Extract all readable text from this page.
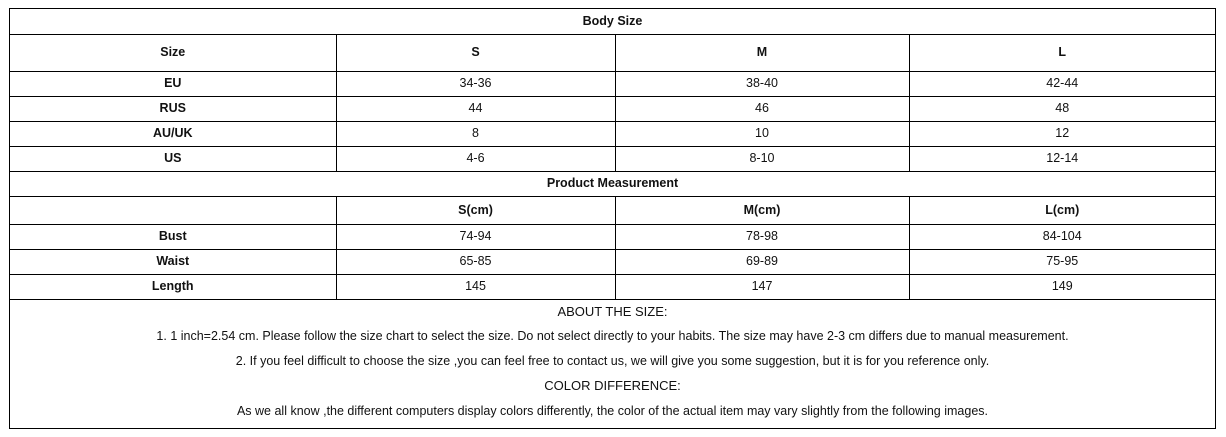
Body Size			
Size	S	M	L
EU	34-36	38-40	42-44
RUS	44	46	48
AU/UK	8	10	12
US	4-6	8-10	12-14
Product Measurement			
	S(cm)	M(cm)	L(cm)
Bust	74-94	78-98	84-104
Waist	65-85	69-89	75-95
Length	145	147	149
ABOUT THE SIZE:
1. 1 inch=2.54 cm. Please follow the size chart to select the size. Do not select directly to your habits. The size may have 2-3 cm differs due to manual measurement.
2. If you feel difficult to choose the size ,you can feel free to contact us, we will give you some suggestion, but it is for you reference only.
COLOR DIFFERENCE:
As we all know ,the different computers display colors differently, the color of the actual item may vary slightly from the following images.
